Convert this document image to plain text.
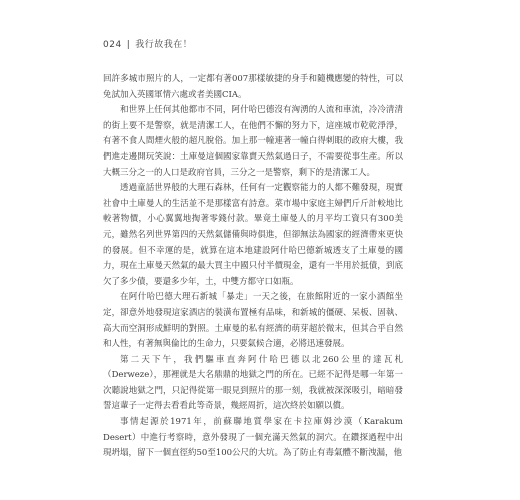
024 | 我行故我在！

回許多城市照片的人，一定都有著007那樣敏捷的身手和隨機應變的特性，可以免試加入英國軍情六處或者美國CIA。

和世界上任何其他都市不同，阿什哈巴德沒有洶湧的人流和車流，冷冷清清的街上要不是警察，就是清潔工人，在他們不懈的努力下，這座城市乾乾淨淨，有著不食人間煙火般的超凡脫俗。加上那一幢連著一幢白得刺眼的政府大樓，我們進走邊開玩笑說：土庫曼這個國家靠賣天然氣過日子，不需要從事生產。所以大概三分之一的人口是政府官員，三分之一是警察，剩下的是清潔工人。

透過童話世界般的大理石森林，任何有一定觀察能力的人都不難發現，現實社會中土庫曼人的生活並不是那樣富有詩意。菜市場中家庭主婦們斤斤計較地比較著物價，小心翼翼地掏著零錢付款。畢竟土庫曼人的月平均工資只有300美元，雖然名列世界第四的天然氣儲備與時俱進，但卻無法為國家的經濟帶來更快的發展。但不幸運的是，就算在這本地建設阿什哈巴德新城透支了土庫曼的國力，現在土庫曼天然氣的最大買主中國只付半價現金，還有一半用於抵債，到底欠了多少債，要還多少年，土，中雙方都守口如瓶。

在阿什哈巴德大理石新城「暴走」一天之後，在旅館附近的一家小酒館坐定，卻意外地發現這家酒店的裝潢布置極有品味，和新城的僵硬、呆板、固執、高大而空洞形成鮮明的對照。土庫曼的私有經濟的萌芽超於微末，但其合乎自然和人性，有著無與倫比的生命力，只要氣候合適，必將迅速發展。

第二天下午，我們驅車直奔阿什哈巴德以北260公里的達瓦札（Derweze），那裡就是大名鼎鼎的地獄之門的所在。已經不記得是哪一年第一次聽說地獄之門，只記得從第一眼見到照片的那一刻，我就被深深吸引，暗暗發誓這輩子一定得去看看此等奇景，幾經周折，這次終於如願以償。

事情起源於1971年，前蘇聯地質學家在卡拉庫姆沙漠（Karakum Desert）中進行考察時，意外發現了一個充滿天然氣的洞穴。在鑽探過程中出現坍塌，留下一個直徑約50至100公尺的大坑。為了防止有毒氣體不斷洩漏，他
